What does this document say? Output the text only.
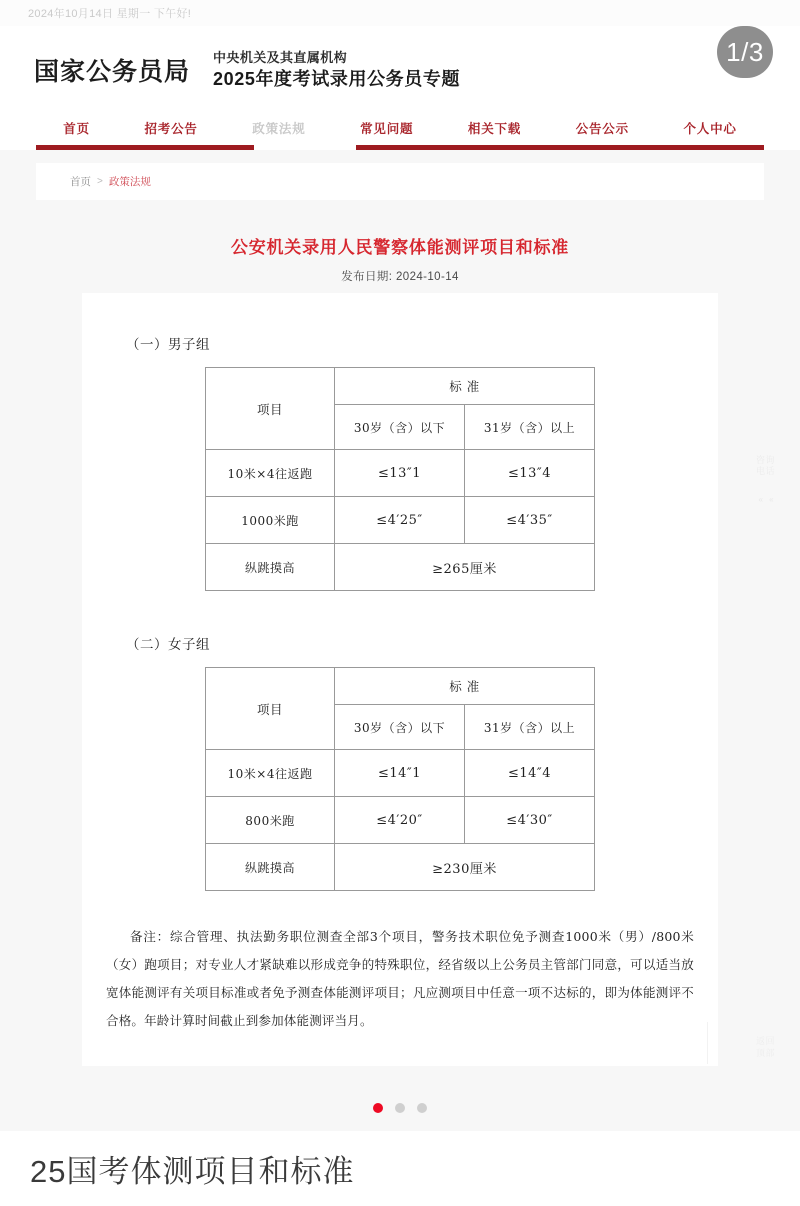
2024年10月14日 星期一 下午好!
1/3
国家公务员局
中央机关及其直属机构
2025年度考试录用公务员专题
首页	招考公告	政策法规	常见问题	相关下载	公告公示	个人中心
首页 > 政策法规
公安机关录用人民警察体能测评项目和标准
发布日期: 2024-10-14
（一）男子组
项目	标 准	
	30岁（含）以下	31岁（含）以上
10米×4往返跑	≤13″1	≤13″4
1000米跑	≤4′25″	≤4′35″
纵跳摸高	≥265厘米	
（二）女子组
项目	标 准	
	30岁（含）以下	31岁（含）以上
10米×4往返跑	≤14″1	≤14″4
800米跑	≤4′20″	≤4′30″
纵跳摸高	≥230厘米	
备注：综合管理、执法勤务职位测查全部3个项目，警务技术职位免予测查1000米（男）/800米（女）跑项目；对专业人才紧缺难以形成竞争的特殊职位，经省级以上公务员主管部门同意，可以适当放宽体能测评有关项目标准或者免予测查体能测评项目；凡应测项目中任意一项不达标的，即为体能测评不合格。年龄计算时间截止到参加体能测评当月。
咨询电话
« «
返回顶部
25国考体测项目和标准
